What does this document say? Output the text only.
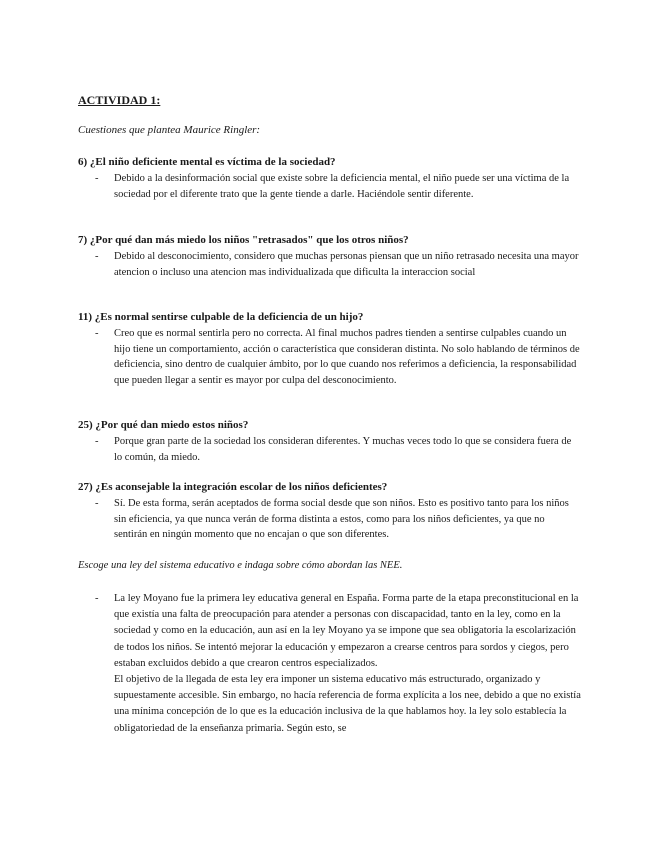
ACTIVIDAD 1:
Cuestiones que plantea Maurice Ringler:
6) ¿El niño deficiente mental es víctima de la sociedad?
- Debido a la desinformación social que existe sobre la deficiencia mental, el niño puede ser una víctima de la sociedad por el diferente trato que la gente tiende a darle. Haciéndole sentir diferente.
7) ¿Por qué dan más miedo los niños "retrasados" que los otros niños?
- Debido al desconocimiento, considero que muchas personas piensan que un niño retrasado necesita una mayor atencion o incluso una atencion mas individualizada que dificulta la interaccion social
11) ¿Es normal sentirse culpable de la deficiencia de un hijo?
- Creo que es normal sentirla pero no correcta. Al final muchos padres tienden a sentirse culpables cuando un hijo tiene un comportamiento, acción o característica que consideran distinta. No solo hablando de términos de deficiencia, sino dentro de cualquier ámbito, por lo que cuando nos referimos a deficiencia, la responsabilidad que pueden llegar a sentir es mayor por culpa del desconocimiento.
25) ¿Por qué dan miedo estos niños?
- Porque gran parte de la sociedad los consideran diferentes. Y muchas veces todo lo que se considera fuera de lo común, da miedo.
27) ¿Es aconsejable la integración escolar de los niños deficientes?
- Sí. De esta forma, serán aceptados de forma social desde que son niños. Esto es positivo tanto para los niños sin eficiencia, ya que nunca verán de forma distinta a estos, como para los niños deficientes, ya que no sentirán en ningún momento que no encajan o que son diferentes.
Escoge una ley del sistema educativo e indaga sobre cómo abordan las NEE.
- La ley Moyano fue la primera ley educativa general en España. Forma parte de la etapa preconstitucional en la que existía una falta de preocupación para atender a personas con discapacidad, tanto en la ley, como en la sociedad y como en la educación, aun así en la ley Moyano ya se impone que sea obligatoria la escolarización de todos los niños. Se intentó mejorar la educación y empezaron a crearse centros para sordos y ciegos, pero estaban excluidos debido a que crearon centros especializados.

El objetivo de la llegada de esta ley era imponer un sistema educativo más estructurado, organizado y supuestamente accesible. Sin embargo, no hacía referencia de forma explícita a los nee, debido a que no existía una mínima concepción de lo que es la educación inclusiva de la que hablamos hoy. la ley solo establecía la obligatoriedad de la enseñanza primaria. Según esto, se
